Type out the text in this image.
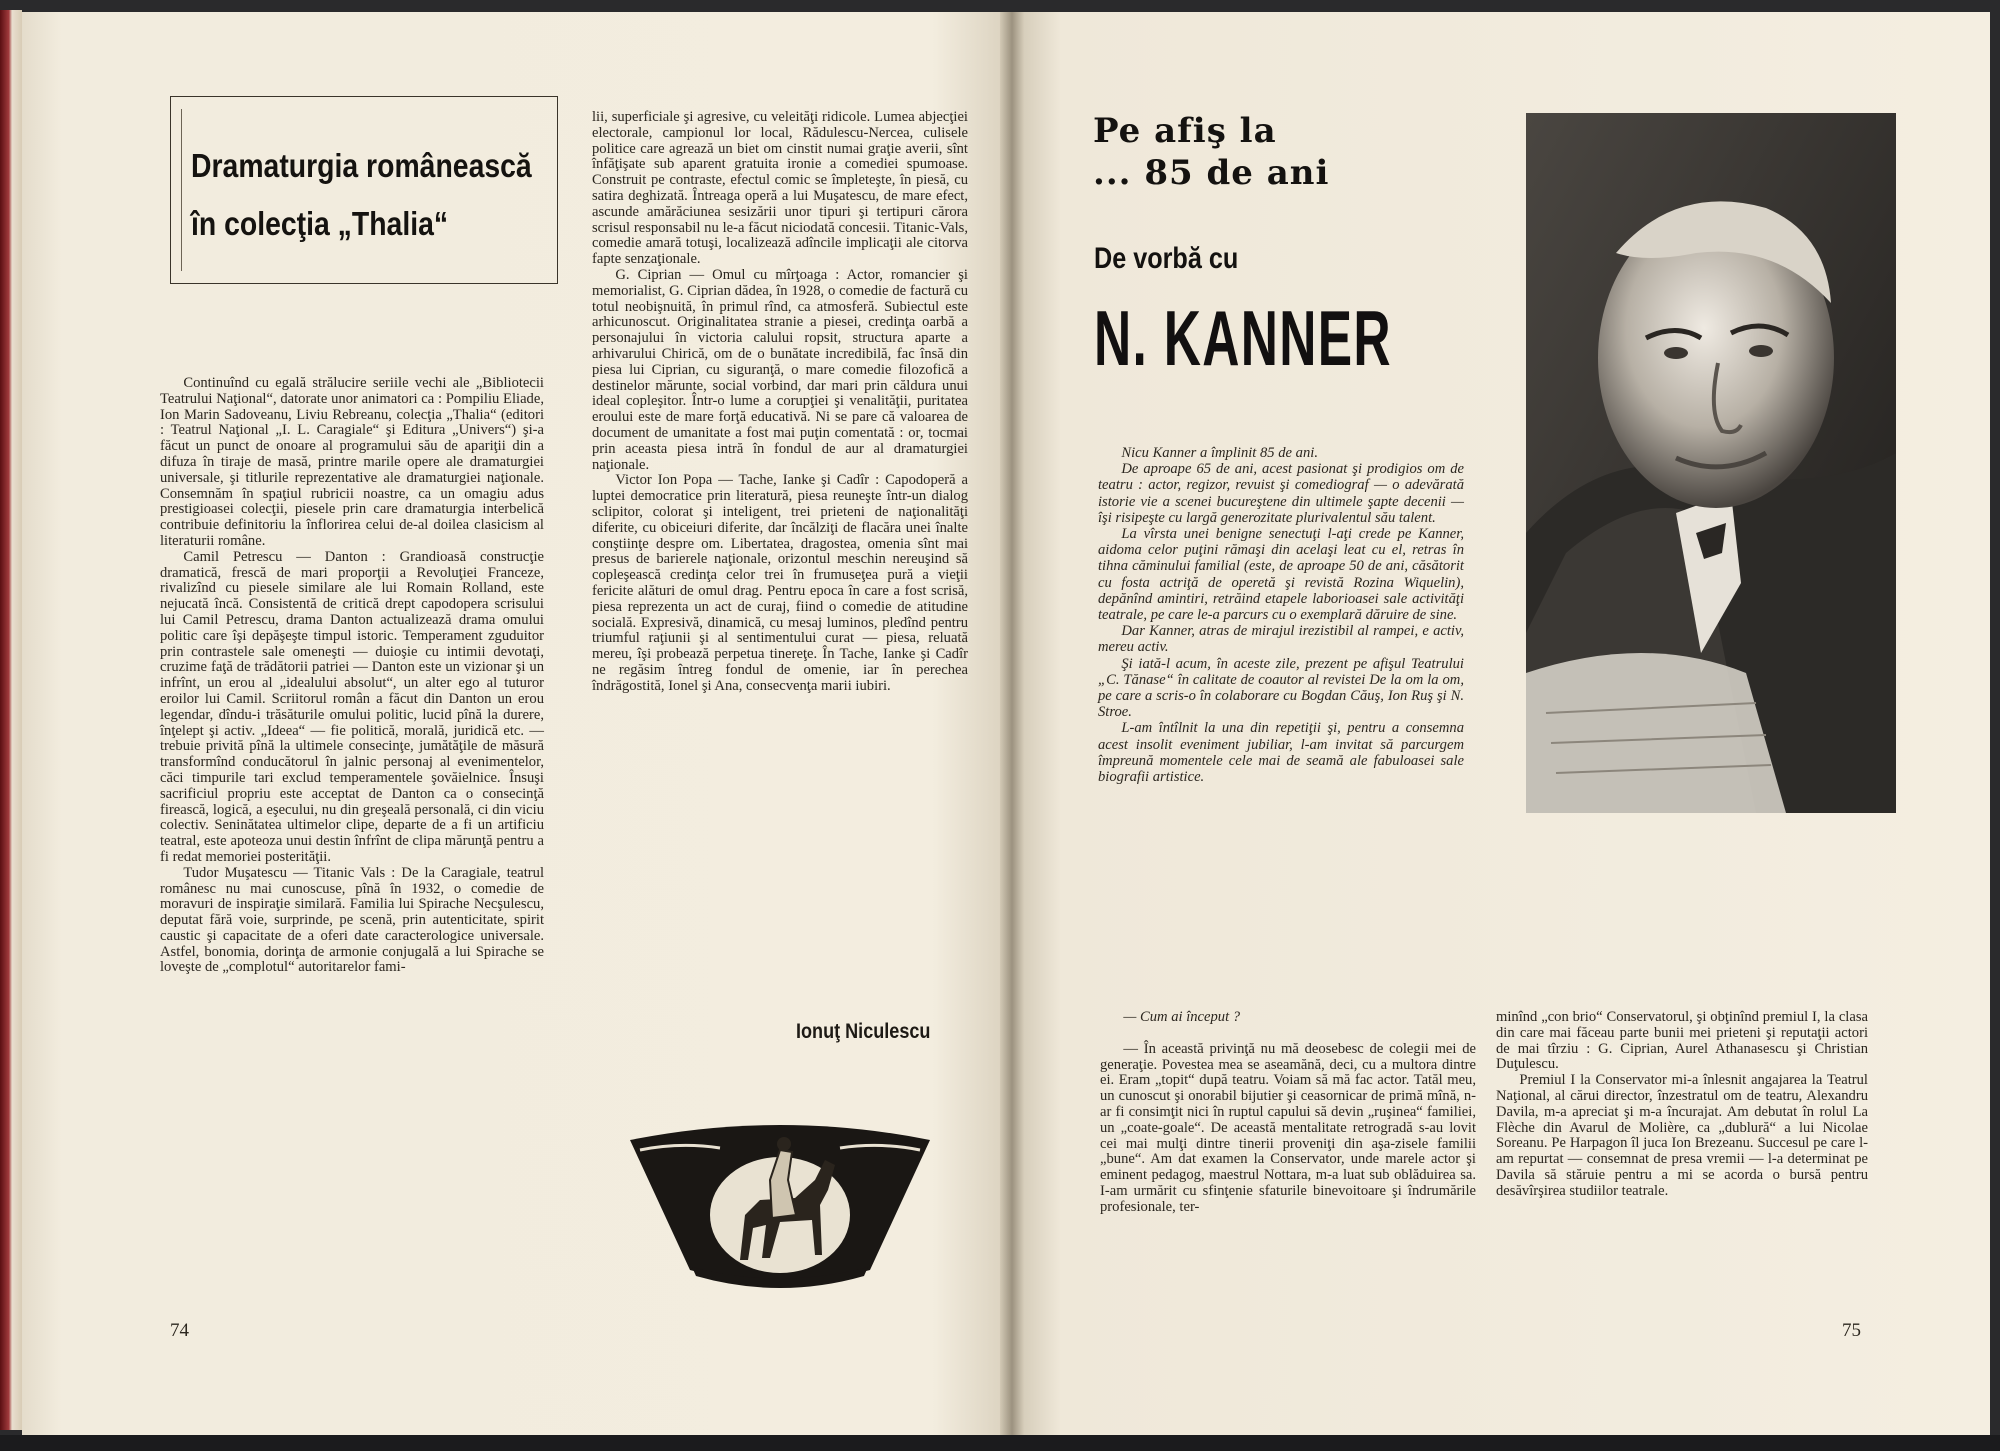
Dramaturgia românească
în colecţia „Thalia“

Continuînd cu egală strălucire seriile vechi ale „Bibliotecii Teatrului Naţional“, datorate unor animatori ca : Pompiliu Eliade, Ion Marin Sadoveanu, Liviu Rebreanu, colecţia „Thalia“ (editori : Teatrul Naţional „I. L. Caragiale“ şi Editura „Univers“) şi-a făcut un punct de onoare al programului său de apariţii din a difuza în tiraje de masă, printre marile opere ale dramaturgiei universale, şi titlurile reprezentative ale dramaturgiei naţionale. Consemnăm în spaţiul rubricii noastre, ca un omagiu adus prestigioasei colecţii, piesele prin care dramaturgia interbelică contribuie definitoriu la înflorirea celui de-al doilea clasicism al literaturii române.

Camil Petrescu — Danton : Grandioasă construcţie dramatică, frescă de mari proporţii a Revoluţiei Franceze, rivalizînd cu piesele similare ale lui Romain Rolland, este nejucată încă. Consistentă de critică drept capodopera scrisului lui Camil Petrescu, drama Danton actualizează drama omului politic care îşi depăşeşte timpul istoric. Temperament zguduitor prin contrastele sale omeneşti — duioşie cu intimii devotaţi, cruzime faţă de trădătorii patriei — Danton este un vizionar şi un infrînt, un erou al „idealului absolut“, un alter ego al tuturor eroilor lui Camil. Scriitorul român a făcut din Danton un erou legendar, dîndu-i trăsăturile omului politic, lucid pînă la durere, înţelept şi activ. „Ideea“ — fie politică, morală, juridică etc. — trebuie privită pînă la ultimele consecinţe, jumătăţile de măsură transformînd conducătorul în jalnic personaj al evenimentelor, căci timpurile tari exclud temperamentele şovăielnice. Însuşi sacrificiul propriu este acceptat de Danton ca o consecinţă firească, logică, a eşecului, nu din greşeală personală, ci din viciu colectiv. Seninătatea ultimelor clipe, departe de a fi un artificiu teatral, este apoteoza unui destin înfrînt de clipa mărunţă pentru a fi redat memoriei posterităţii.

Tudor Muşatescu — Titanic Vals : De la Caragiale, teatrul românesc nu mai cunoscuse, pînă în 1932, o comedie de moravuri de inspiraţie similară. Familia lui Spirache Necşulescu, deputat fără voie, surprinde, pe scenă, prin autenticitate, spirit caustic şi capacitate de a oferi date caracterologice universale. Astfel, bonomia, dorinţa de armonie conjugală a lui Spirache se loveşte de „complotul“ autoritarelor fami-

lii, superficiale şi agresive, cu veleităţi ridicole. Lumea abjecţiei electorale, campionul lor local, Rădulescu-Nercea, culisele politice care agrează un biet om cinstit numai graţie averii, sînt înfăţişate sub aparent gratuita ironie a comediei spumoase. Construit pe contraste, efectul comic se împleteşte, în piesă, cu satira deghizată. Întreaga operă a lui Muşatescu, de mare efect, ascunde amărăciunea sesizării unor tipuri şi tertipuri cărora scrisul responsabil nu le-a făcut niciodată concesii. Titanic-Vals, comedie amară totuşi, localizează adîncile implicaţii ale citorva fapte senzaţionale.

G. Ciprian — Omul cu mîrţoaga : Actor, romancier şi memorialist, G. Ciprian dădea, în 1928, o comedie de factură cu totul neobişnuită, în primul rînd, ca atmosferă. Subiectul este arhicunoscut. Originalitatea stranie a piesei, credinţa oarbă a personajului în victoria calului ropsit, structura aparte a arhivarului Chirică, om de o bunătate incredibilă, fac însă din piesa lui Ciprian, cu siguranţă, o mare comedie filozofică a destinelor mărunte, social vorbind, dar mari prin căldura unui ideal copleşitor. Într-o lume a corupţiei şi venalităţii, puritatea eroului este de mare forţă educativă. Ni se pare că valoarea de document de umanitate a fost mai puţin comentată : or, tocmai prin aceasta piesa intră în fondul de aur al dramaturgiei naţionale.

Victor Ion Popa — Tache, Ianke şi Cadîr : Capodoperă a luptei democratice prin literatură, piesa reuneşte într-un dialog sclipitor, colorat şi inteligent, trei prieteni de naţionalităţi diferite, cu obiceiuri diferite, dar încălziţi de flacăra unei înalte conştiinţe despre om. Libertatea, dragostea, omenia sînt mai presus de barierele naţionale, orizontul meschin nereuşind să copleşească credinţa celor trei în frumuseţea pură a vieţii fericite alături de omul drag. Pentru epoca în care a fost scrisă, piesa reprezenta un act de curaj, fiind o comedie de atitudine socială. Expresivă, dinamică, cu mesaj luminos, pledînd pentru triumful raţiunii şi al sentimentului curat — piesa, reluată mereu, îşi probează perpetua tinereţe. În Tache, Ianke şi Cadîr ne regăsim întreg fondul de omenie, iar în perechea îndrăgostită, Ionel şi Ana, consecvenţa marii iubiri.

Ionuţ Niculescu
74
Pe afiş la
... 85 de ani
De vorbă cu
N. KANNER

Nicu Kanner a împlinit 85 de ani.

De aproape 65 de ani, acest pasionat şi prodigios om de teatru : actor, regizor, revuist şi comediograf — o adevărată istorie vie a scenei bucureştene din ultimele şapte decenii — îşi risipeşte cu largă generozitate plurivalentul său talent.

La vîrsta unei benigne senectuţi l-aţi crede pe Kanner, aidoma celor puţini rămaşi din acelaşi leat cu el, retras în tihna căminului familial (este, de aproape 50 de ani, căsătorit cu fosta actriţă de operetă şi revistă Rozina Wiquelin), depănînd amintiri, retrăind etapele laborioasei sale activităţi teatrale, pe care le-a parcurs cu o exemplară dăruire de sine.

Dar Kanner, atras de mirajul irezistibil al rampei, e activ, mereu activ.

Şi iată-l acum, în aceste zile, prezent pe afişul Teatrului „C. Tănase“ în calitate de coautor al revistei De la om la om, pe care a scris-o în colaborare cu Bogdan Căuş, Ion Ruş şi N. Stroe.

L-am întîlnit la una din repetiţii şi, pentru a consemna acest insolit eveniment jubiliar, l-am invitat să parcurgem împreună momentele cele mai de seamă ale fabuloasei sale biografii artistice.

— Cum ai început ?

— În această privinţă nu mă deosebesc de colegii mei de generaţie. Povestea mea se aseamănă, deci, cu a multora dintre ei. Eram „topit“ după teatru. Voiam să mă fac actor. Tatăl meu, un cunoscut şi onorabil bijutier şi ceasornicar de primă mînă, n-ar fi consimţit nici în ruptul capului să devin „ruşinea“ familiei, un „coate-goale“. De această mentalitate retrogradă s-au lovit cei mai mulţi dintre tinerii proveniţi din aşa-zisele familii „bune“. Am dat examen la Conservator, unde marele actor şi eminent pedagog, maestrul Nottara, m-a luat sub oblăduirea sa. I-am urmărit cu sfinţenie sfaturile binevoitoare şi îndrumările profesionale, ter-

minînd „con brio“ Conservatorul, şi obţinînd premiul I, la clasa din care mai făceau parte bunii mei prieteni şi reputaţii actori de mai tîrziu : G. Ciprian, Aurel Athanasescu şi Christian Duţulescu.

Premiul I la Conservator mi-a înlesnit angajarea la Teatrul Naţional, al cărui director, înzestratul om de teatru, Alexandru Davila, m-a apreciat şi m-a încurajat. Am debutat în rolul La Flèche din Avarul de Molière, ca „dublură“ a lui Nicolae Soreanu. Pe Harpagon îl juca Ion Brezeanu. Succesul pe care l-am repurtat — consemnat de presa vremii — l-a determinat pe Davila să stăruie pentru a mi se acorda o bursă pentru desăvîrşirea studiilor teatrale.

75
